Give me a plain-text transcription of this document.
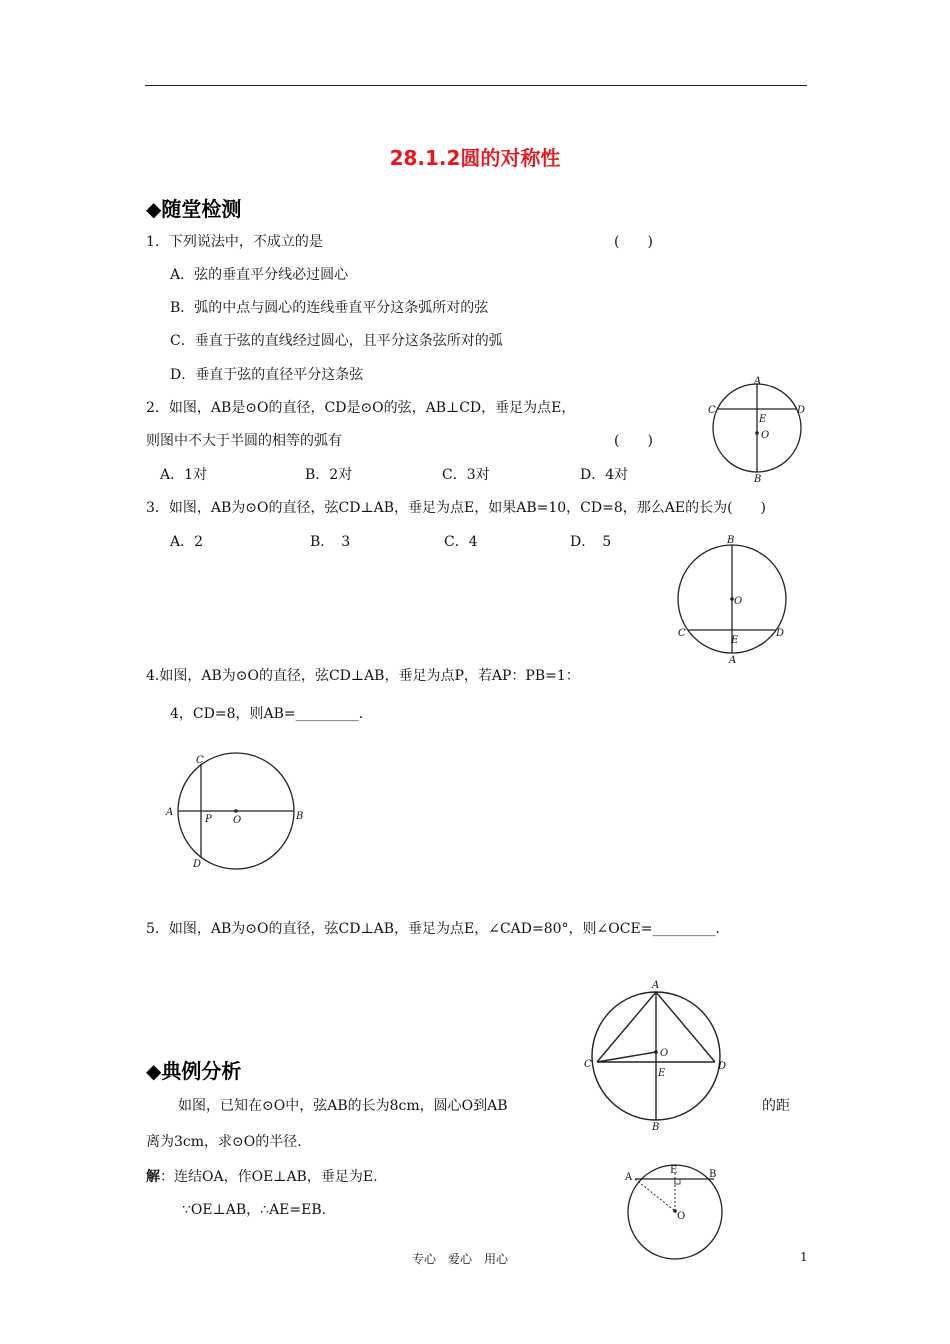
28.1.2圆的对称性
◆随堂检测
1．下列说法中，不成立的是	(　　)
A．弦的垂直平分线必过圆心
B．弧的中点与圆心的连线垂直平分这条弧所对的弦
C．垂直于弦的直线经过圆心，且平分这条弦所对的弧
D．垂直于弦的直径平分这条弦
2．如图，AB是⊙O的直径，CD是⊙O的弦，AB⊥CD，垂足为点E，
则图中不大于半圆的相等的弧有	(　　)
A．1对	B．2对	C．3对	D．4对
A
B
C	D
E
O
3．如图，AB为⊙O的直径，弦CD⊥AB，垂足为点E，如果AB=10，CD=8，那么AE的长为(　　)
A．2	B．　3	C．4	D．　5	B
A
C	D
E
O
4.如图，AB为⊙O的直径，弦CD⊥AB，垂足为点P，若AP：PB=1：
4，CD=8，则AB=_________.
C
D
A	B
P O
5．如图，AB为⊙O的直径，弦CD⊥AB，垂足为点E，∠CAD=80°，则∠OCE=_________.
A
B
C	D
E
O
◆典例分析
如图，已知在⊙O中，弦AB的长为8cm，圆心O到AB	的距
离为3cm，求⊙O的半径.
解：连结OA，作OE⊥AB，垂足为E.
∵OE⊥AB，∴AE=EB.
A	B
E
O
专心　爱心　用心	1
